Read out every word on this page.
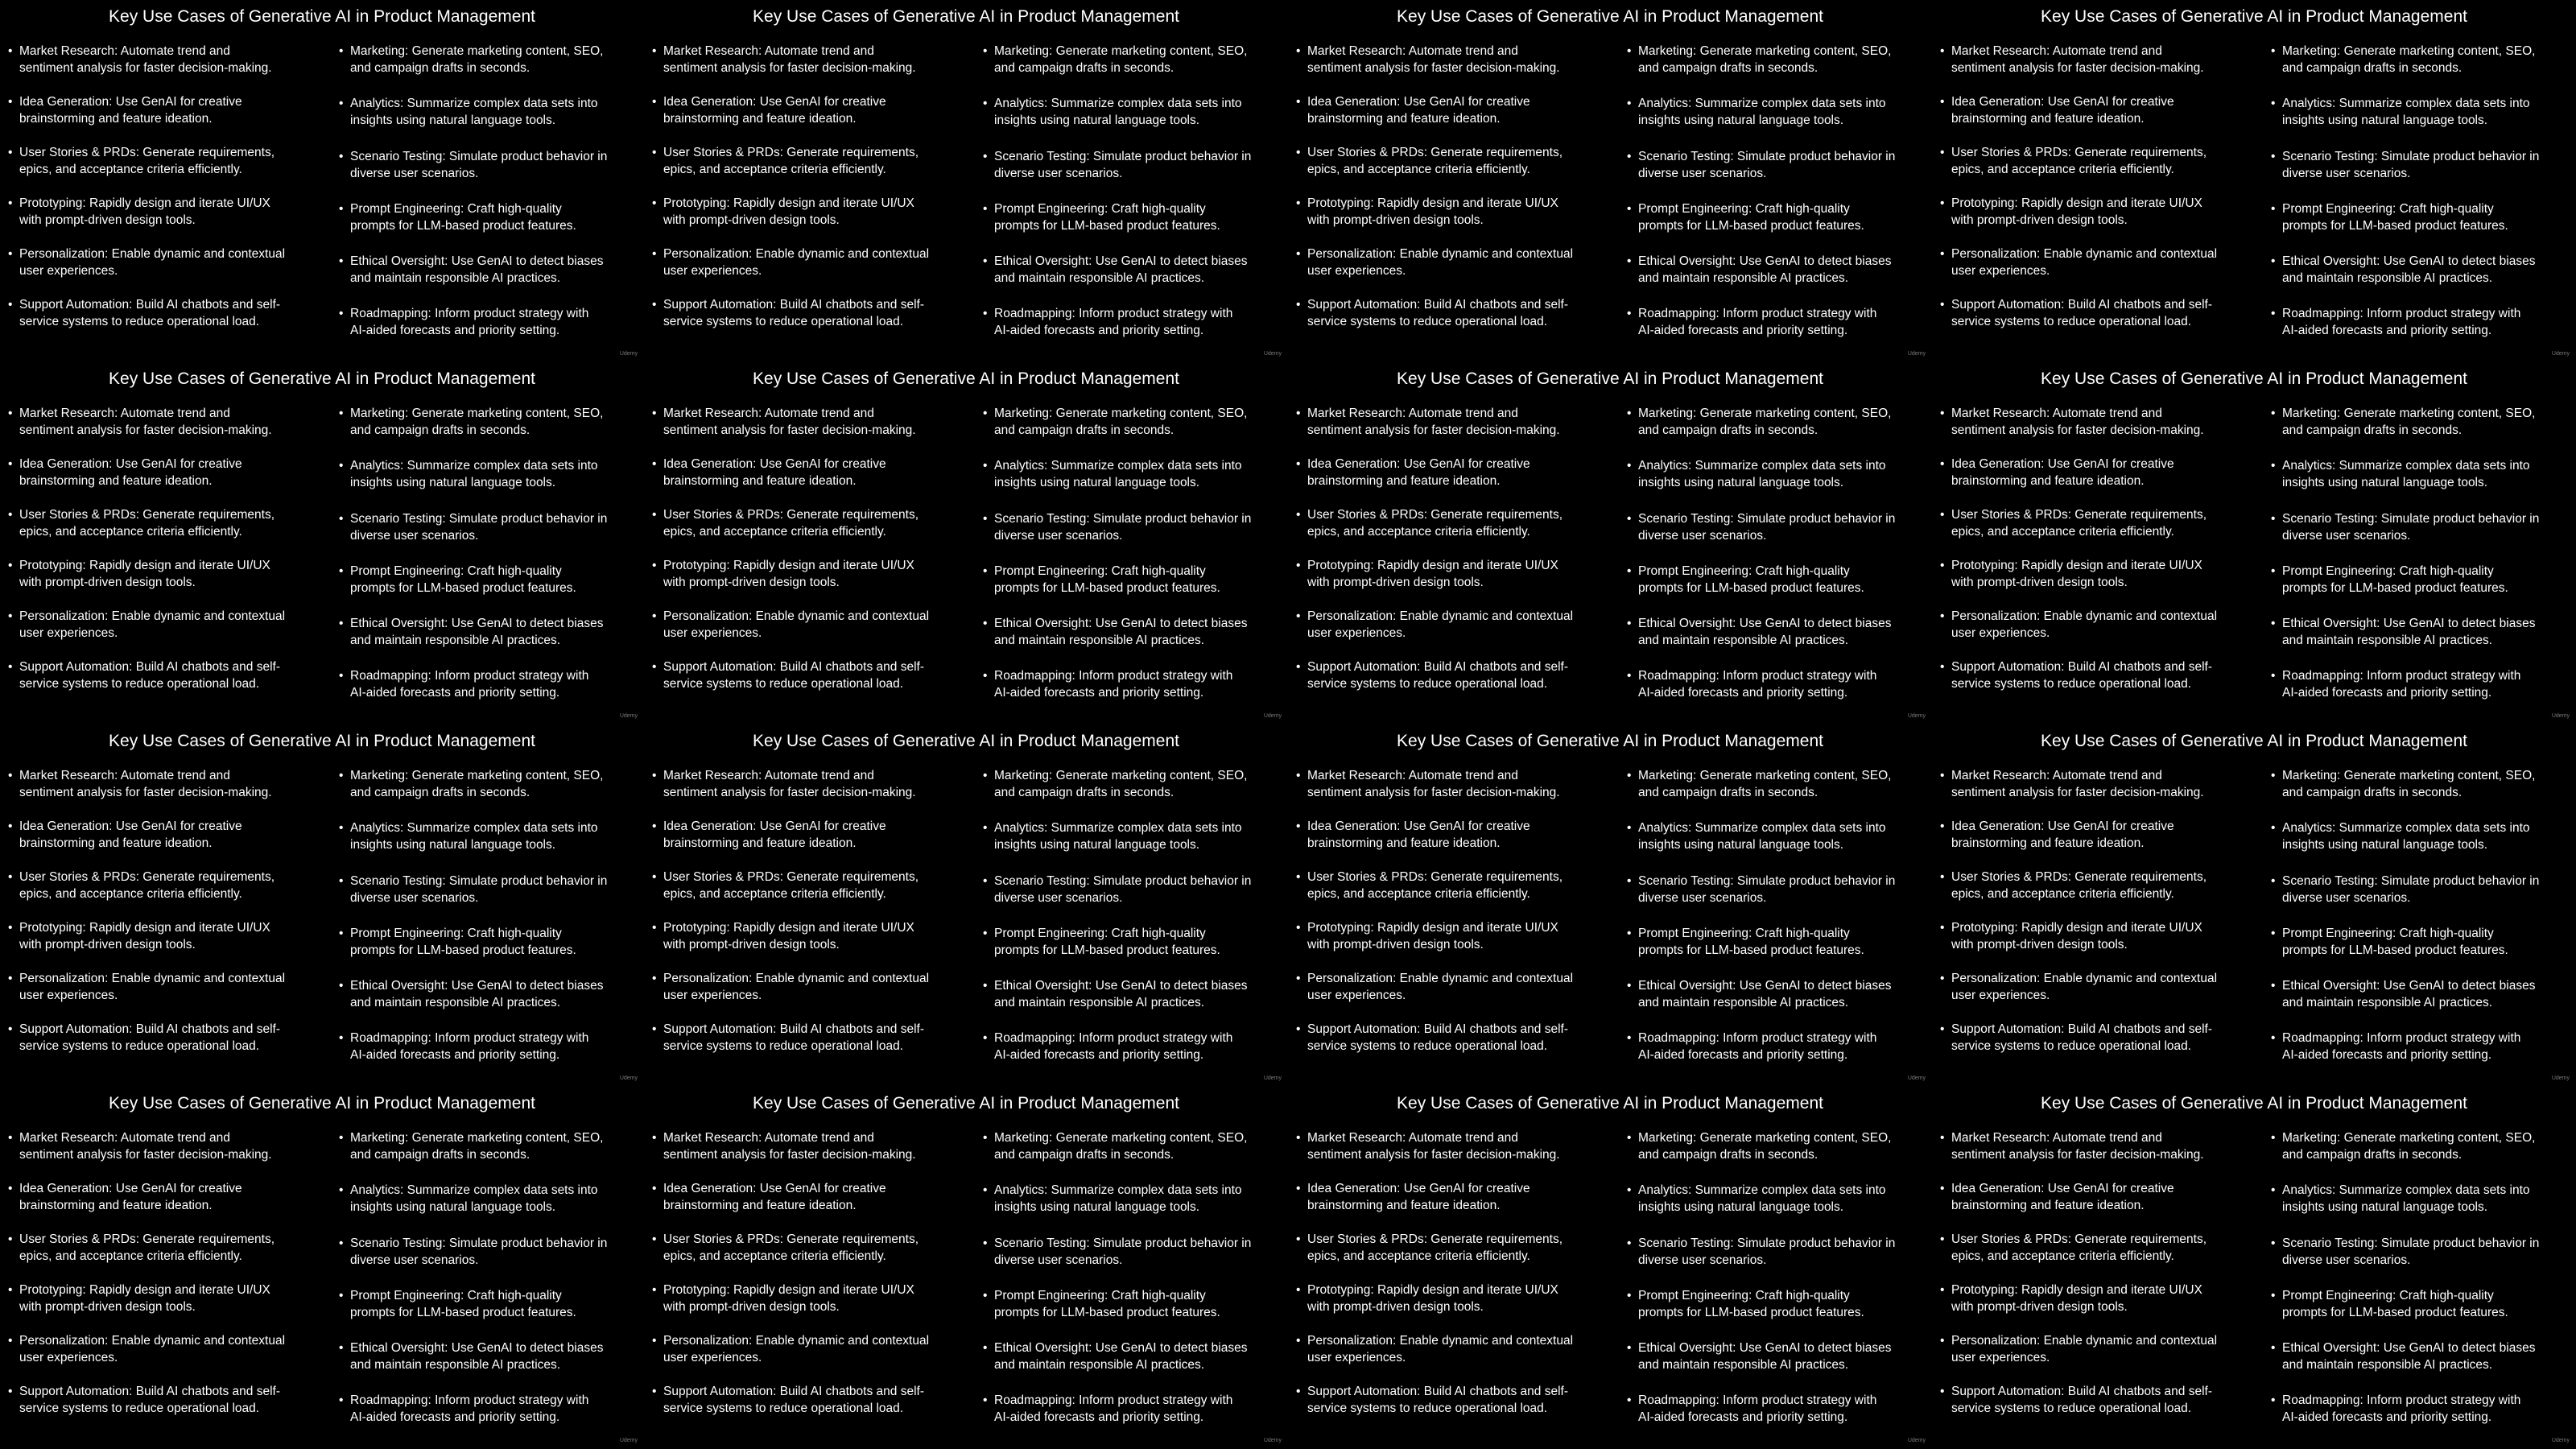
Key Use Cases of Generative AI in Product Management
• Market Research: Automate trend and
sentiment analysis for faster decision-making.
• Idea Generation: Use GenAI for creative
brainstorming and feature ideation.
• User Stories & PRDs: Generate requirements,
epics, and acceptance criteria efficiently.
• Prototyping: Rapidly design and iterate UI/UX
with prompt-driven design tools.
• Personalization: Enable dynamic and contextual
user experiences.
• Support Automation: Build AI chatbots and self-
service systems to reduce operational load.
• Marketing: Generate marketing content, SEO,
and campaign drafts in seconds.
• Analytics: Summarize complex data sets into
insights using natural language tools.
• Scenario Testing: Simulate product behavior in
diverse user scenarios.
• Prompt Engineering: Craft high-quality
prompts for LLM-based product features.
• Ethical Oversight: Use GenAI to detect biases
and maintain responsible AI practices.
• Roadmapping: Inform product strategy with
AI-aided forecasts and priority setting.
Udemy
Key Use Cases of Generative AI in Product Management
• Market Research: Automate trend and
sentiment analysis for faster decision-making.
• Idea Generation: Use GenAI for creative
brainstorming and feature ideation.
• User Stories & PRDs: Generate requirements,
epics, and acceptance criteria efficiently.
• Prototyping: Rapidly design and iterate UI/UX
with prompt-driven design tools.
• Personalization: Enable dynamic and contextual
user experiences.
• Support Automation: Build AI chatbots and self-
service systems to reduce operational load.
• Marketing: Generate marketing content, SEO,
and campaign drafts in seconds.
• Analytics: Summarize complex data sets into
insights using natural language tools.
• Scenario Testing: Simulate product behavior in
diverse user scenarios.
• Prompt Engineering: Craft high-quality
prompts for LLM-based product features.
• Ethical Oversight: Use GenAI to detect biases
and maintain responsible AI practices.
• Roadmapping: Inform product strategy with
AI-aided forecasts and priority setting.
Udemy
Key Use Cases of Generative AI in Product Management
• Market Research: Automate trend and
sentiment analysis for faster decision-making.
• Idea Generation: Use GenAI for creative
brainstorming and feature ideation.
• User Stories & PRDs: Generate requirements,
epics, and acceptance criteria efficiently.
• Prototyping: Rapidly design and iterate UI/UX
with prompt-driven design tools.
• Personalization: Enable dynamic and contextual
user experiences.
• Support Automation: Build AI chatbots and self-
service systems to reduce operational load.
• Marketing: Generate marketing content, SEO,
and campaign drafts in seconds.
• Analytics: Summarize complex data sets into
insights using natural language tools.
• Scenario Testing: Simulate product behavior in
diverse user scenarios.
• Prompt Engineering: Craft high-quality
prompts for LLM-based product features.
• Ethical Oversight: Use GenAI to detect biases
and maintain responsible AI practices.
• Roadmapping: Inform product strategy with
AI-aided forecasts and priority setting.
Udemy
Key Use Cases of Generative AI in Product Management
• Market Research: Automate trend and
sentiment analysis for faster decision-making.
• Idea Generation: Use GenAI for creative
brainstorming and feature ideation.
• User Stories & PRDs: Generate requirements,
epics, and acceptance criteria efficiently.
• Prototyping: Rapidly design and iterate UI/UX
with prompt-driven design tools.
• Personalization: Enable dynamic and contextual
user experiences.
• Support Automation: Build AI chatbots and self-
service systems to reduce operational load.
• Marketing: Generate marketing content, SEO,
and campaign drafts in seconds.
• Analytics: Summarize complex data sets into
insights using natural language tools.
• Scenario Testing: Simulate product behavior in
diverse user scenarios.
• Prompt Engineering: Craft high-quality
prompts for LLM-based product features.
• Ethical Oversight: Use GenAI to detect biases
and maintain responsible AI practices.
• Roadmapping: Inform product strategy with
AI-aided forecasts and priority setting.
Udemy
Key Use Cases of Generative AI in Product Management
• Market Research: Automate trend and
sentiment analysis for faster decision-making.
• Idea Generation: Use GenAI for creative
brainstorming and feature ideation.
• User Stories & PRDs: Generate requirements,
epics, and acceptance criteria efficiently.
• Prototyping: Rapidly design and iterate UI/UX
with prompt-driven design tools.
• Personalization: Enable dynamic and contextual
user experiences.
• Support Automation: Build AI chatbots and self-
service systems to reduce operational load.
• Marketing: Generate marketing content, SEO,
and campaign drafts in seconds.
• Analytics: Summarize complex data sets into
insights using natural language tools.
• Scenario Testing: Simulate product behavior in
diverse user scenarios.
• Prompt Engineering: Craft high-quality
prompts for LLM-based product features.
• Ethical Oversight: Use GenAI to detect biases
and maintain responsible AI practices.
• Roadmapping: Inform product strategy with
AI-aided forecasts and priority setting.
Udemy
Key Use Cases of Generative AI in Product Management
• Market Research: Automate trend and
sentiment analysis for faster decision-making.
• Idea Generation: Use GenAI for creative
brainstorming and feature ideation.
• User Stories & PRDs: Generate requirements,
epics, and acceptance criteria efficiently.
• Prototyping: Rapidly design and iterate UI/UX
with prompt-driven design tools.
• Personalization: Enable dynamic and contextual
user experiences.
• Support Automation: Build AI chatbots and self-
service systems to reduce operational load.
• Marketing: Generate marketing content, SEO,
and campaign drafts in seconds.
• Analytics: Summarize complex data sets into
insights using natural language tools.
• Scenario Testing: Simulate product behavior in
diverse user scenarios.
• Prompt Engineering: Craft high-quality
prompts for LLM-based product features.
• Ethical Oversight: Use GenAI to detect biases
and maintain responsible AI practices.
• Roadmapping: Inform product strategy with
AI-aided forecasts and priority setting.
Udemy
Key Use Cases of Generative AI in Product Management
• Market Research: Automate trend and
sentiment analysis for faster decision-making.
• Idea Generation: Use GenAI for creative
brainstorming and feature ideation.
• User Stories & PRDs: Generate requirements,
epics, and acceptance criteria efficiently.
• Prototyping: Rapidly design and iterate UI/UX
with prompt-driven design tools.
• Personalization: Enable dynamic and contextual
user experiences.
• Support Automation: Build AI chatbots and self-
service systems to reduce operational load.
• Marketing: Generate marketing content, SEO,
and campaign drafts in seconds.
• Analytics: Summarize complex data sets into
insights using natural language tools.
• Scenario Testing: Simulate product behavior in
diverse user scenarios.
• Prompt Engineering: Craft high-quality
prompts for LLM-based product features.
• Ethical Oversight: Use GenAI to detect biases
and maintain responsible AI practices.
• Roadmapping: Inform product strategy with
AI-aided forecasts and priority setting.
Udemy
Key Use Cases of Generative AI in Product Management
• Market Research: Automate trend and
sentiment analysis for faster decision-making.
• Idea Generation: Use GenAI for creative
brainstorming and feature ideation.
• User Stories & PRDs: Generate requirements,
epics, and acceptance criteria efficiently.
• Prototyping: Rapidly design and iterate UI/UX
with prompt-driven design tools.
• Personalization: Enable dynamic and contextual
user experiences.
• Support Automation: Build AI chatbots and self-
service systems to reduce operational load.
• Marketing: Generate marketing content, SEO,
and campaign drafts in seconds.
• Analytics: Summarize complex data sets into
insights using natural language tools.
• Scenario Testing: Simulate product behavior in
diverse user scenarios.
• Prompt Engineering: Craft high-quality
prompts for LLM-based product features.
• Ethical Oversight: Use GenAI to detect biases
and maintain responsible AI practices.
• Roadmapping: Inform product strategy with
AI-aided forecasts and priority setting.
Udemy
Key Use Cases of Generative AI in Product Management
• Market Research: Automate trend and
sentiment analysis for faster decision-making.
• Idea Generation: Use GenAI for creative
brainstorming and feature ideation.
• User Stories & PRDs: Generate requirements,
epics, and acceptance criteria efficiently.
• Prototyping: Rapidly design and iterate UI/UX
with prompt-driven design tools.
• Personalization: Enable dynamic and contextual
user experiences.
• Support Automation: Build AI chatbots and self-
service systems to reduce operational load.
• Marketing: Generate marketing content, SEO,
and campaign drafts in seconds.
• Analytics: Summarize complex data sets into
insights using natural language tools.
• Scenario Testing: Simulate product behavior in
diverse user scenarios.
• Prompt Engineering: Craft high-quality
prompts for LLM-based product features.
• Ethical Oversight: Use GenAI to detect biases
and maintain responsible AI practices.
• Roadmapping: Inform product strategy with
AI-aided forecasts and priority setting.
Udemy
Key Use Cases of Generative AI in Product Management
• Market Research: Automate trend and
sentiment analysis for faster decision-making.
• Idea Generation: Use GenAI for creative
brainstorming and feature ideation.
• User Stories & PRDs: Generate requirements,
epics, and acceptance criteria efficiently.
• Prototyping: Rapidly design and iterate UI/UX
with prompt-driven design tools.
• Personalization: Enable dynamic and contextual
user experiences.
• Support Automation: Build AI chatbots and self-
service systems to reduce operational load.
• Marketing: Generate marketing content, SEO,
and campaign drafts in seconds.
• Analytics: Summarize complex data sets into
insights using natural language tools.
• Scenario Testing: Simulate product behavior in
diverse user scenarios.
• Prompt Engineering: Craft high-quality
prompts for LLM-based product features.
• Ethical Oversight: Use GenAI to detect biases
and maintain responsible AI practices.
• Roadmapping: Inform product strategy with
AI-aided forecasts and priority setting.
Udemy
Key Use Cases of Generative AI in Product Management
• Market Research: Automate trend and
sentiment analysis for faster decision-making.
• Idea Generation: Use GenAI for creative
brainstorming and feature ideation.
• User Stories & PRDs: Generate requirements,
epics, and acceptance criteria efficiently.
• Prototyping: Rapidly design and iterate UI/UX
with prompt-driven design tools.
• Personalization: Enable dynamic and contextual
user experiences.
• Support Automation: Build AI chatbots and self-
service systems to reduce operational load.
• Marketing: Generate marketing content, SEO,
and campaign drafts in seconds.
• Analytics: Summarize complex data sets into
insights using natural language tools.
• Scenario Testing: Simulate product behavior in
diverse user scenarios.
• Prompt Engineering: Craft high-quality
prompts for LLM-based product features.
• Ethical Oversight: Use GenAI to detect biases
and maintain responsible AI practices.
• Roadmapping: Inform product strategy with
AI-aided forecasts and priority setting.
Udemy
Key Use Cases of Generative AI in Product Management
• Market Research: Automate trend and
sentiment analysis for faster decision-making.
• Idea Generation: Use GenAI for creative
brainstorming and feature ideation.
• User Stories & PRDs: Generate requirements,
epics, and acceptance criteria efficiently.
• Prototyping: Rapidly design and iterate UI/UX
with prompt-driven design tools.
• Personalization: Enable dynamic and contextual
user experiences.
• Support Automation: Build AI chatbots and self-
service systems to reduce operational load.
• Marketing: Generate marketing content, SEO,
and campaign drafts in seconds.
• Analytics: Summarize complex data sets into
insights using natural language tools.
• Scenario Testing: Simulate product behavior in
diverse user scenarios.
• Prompt Engineering: Craft high-quality
prompts for LLM-based product features.
• Ethical Oversight: Use GenAI to detect biases
and maintain responsible AI practices.
• Roadmapping: Inform product strategy with
AI-aided forecasts and priority setting.
Udemy
Key Use Cases of Generative AI in Product Management
• Market Research: Automate trend and
sentiment analysis for faster decision-making.
• Idea Generation: Use GenAI for creative
brainstorming and feature ideation.
• User Stories & PRDs: Generate requirements,
epics, and acceptance criteria efficiently.
• Prototyping: Rapidly design and iterate UI/UX
with prompt-driven design tools.
• Personalization: Enable dynamic and contextual
user experiences.
• Support Automation: Build AI chatbots and self-
service systems to reduce operational load.
• Marketing: Generate marketing content, SEO,
and campaign drafts in seconds.
• Analytics: Summarize complex data sets into
insights using natural language tools.
• Scenario Testing: Simulate product behavior in
diverse user scenarios.
• Prompt Engineering: Craft high-quality
prompts for LLM-based product features.
• Ethical Oversight: Use GenAI to detect biases
and maintain responsible AI practices.
• Roadmapping: Inform product strategy with
AI-aided forecasts and priority setting.
Udemy
Key Use Cases of Generative AI in Product Management
• Market Research: Automate trend and
sentiment analysis for faster decision-making.
• Idea Generation: Use GenAI for creative
brainstorming and feature ideation.
• User Stories & PRDs: Generate requirements,
epics, and acceptance criteria efficiently.
• Prototyping: Rapidly design and iterate UI/UX
with prompt-driven design tools.
• Personalization: Enable dynamic and contextual
user experiences.
• Support Automation: Build AI chatbots and self-
service systems to reduce operational load.
• Marketing: Generate marketing content, SEO,
and campaign drafts in seconds.
• Analytics: Summarize complex data sets into
insights using natural language tools.
• Scenario Testing: Simulate product behavior in
diverse user scenarios.
• Prompt Engineering: Craft high-quality
prompts for LLM-based product features.
• Ethical Oversight: Use GenAI to detect biases
and maintain responsible AI practices.
• Roadmapping: Inform product strategy with
AI-aided forecasts and priority setting.
Udemy
Key Use Cases of Generative AI in Product Management
• Market Research: Automate trend and
sentiment analysis for faster decision-making.
• Idea Generation: Use GenAI for creative
brainstorming and feature ideation.
• User Stories & PRDs: Generate requirements,
epics, and acceptance criteria efficiently.
• Prototyping: Rapidly design and iterate UI/UX
with prompt-driven design tools.
• Personalization: Enable dynamic and contextual
user experiences.
• Support Automation: Build AI chatbots and self-
service systems to reduce operational load.
• Marketing: Generate marketing content, SEO,
and campaign drafts in seconds.
• Analytics: Summarize complex data sets into
insights using natural language tools.
• Scenario Testing: Simulate product behavior in
diverse user scenarios.
• Prompt Engineering: Craft high-quality
prompts for LLM-based product features.
• Ethical Oversight: Use GenAI to detect biases
and maintain responsible AI practices.
• Roadmapping: Inform product strategy with
AI-aided forecasts and priority setting.
Udemy
Key Use Cases of Generative AI in Product Management
• Market Research: Automate trend and
sentiment analysis for faster decision-making.
• Idea Generation: Use GenAI for creative
brainstorming and feature ideation.
• User Stories & PRDs: Generate requirements,
epics, and acceptance criteria efficiently.
• Prototyping: Rapidly design and iterate UI/UX
with prompt-driven design tools.
• Personalization: Enable dynamic and contextual
user experiences.
• Support Automation: Build AI chatbots and self-
service systems to reduce operational load.
• Marketing: Generate marketing content, SEO,
and campaign drafts in seconds.
• Analytics: Summarize complex data sets into
insights using natural language tools.
• Scenario Testing: Simulate product behavior in
diverse user scenarios.
• Prompt Engineering: Craft high-quality
prompts for LLM-based product features.
• Ethical Oversight: Use GenAI to detect biases
and maintain responsible AI practices.
• Roadmapping: Inform product strategy with
AI-aided forecasts and priority setting.
Udemy
